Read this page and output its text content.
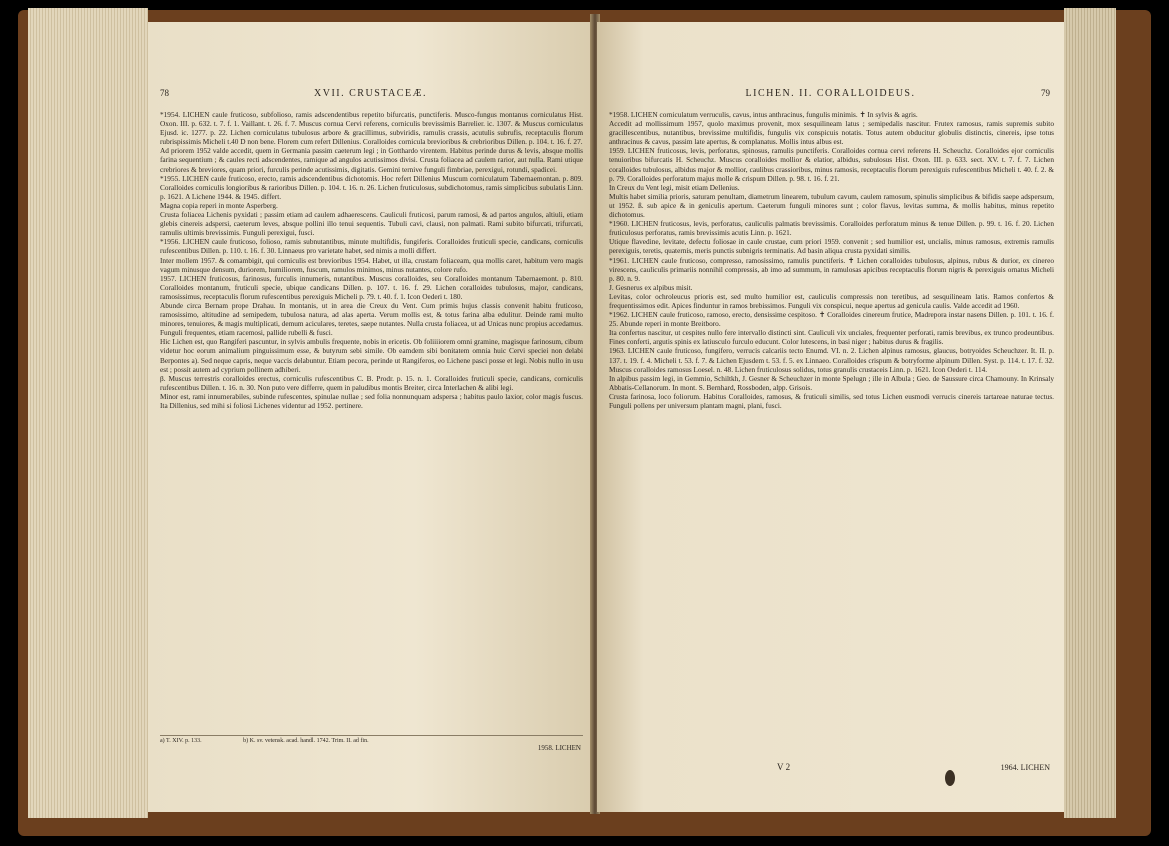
78	XVII. CRUSTACEÆ.

*1954. LICHEN caule fruticoso, subfolioso, ramis adscendentibus repetito bifurcatis, punctiferis. Musco-fungus montanus corniculatus Hist. Oxon. III. p. 632. t. 7. f. 1. Vaillant. t. 26. f. 7. Muscus cornua Cervi referens, corniculis brevissimis Barrelier. ic. 1307. & Muscus corniculatus Ejusd. ic. 1277. p. 22. Lichen corniculatus tubulosus arbore & gracillimus, subviridis, ramulis crassis, acutulis subrufis, receptaculis florum rubrispissimis Micheli t.40 D non bene. Florem cum refert Dillenius. Coralloides cornicula brevioribus & crebrioribus Dillen. p. 104. t. 16. f. 27.

Ad priorem 1952 valde accedit, quem in Germania passim caeterum legi ; in Gotthardo virentem. Habitus perinde durus & levis, absque mollis farina sequentium ; & caules recti adscendentes, ramique ad angulos acutissimos divisi. Crusta foliacea ad caulem rarior, aut nulla. Rami utique crebriores & breviores, quam priori, furculis perinde acutissimis, digitatis. Gemini ternive funguli fimbriae, perexigui, rotundi, spadicei.

*1955. LICHEN caule fruticoso, erecto, ramis adscendentibus dichotomis. Hoc refert Dillenius Muscum corniculatum Tabernaemontan. p. 809. Coralloides corniculis longioribus & rarioribus Dillen. p. 104. t. 16. n. 26. Lichen fruticulosus, subdichotomus, ramis simplicibus subulatis Linn. p. 1621. A Lichene 1944. & 1945. differt.

Magna copia reperi in monte Asperberg.

Crusta foliacea Lichenis pyxidati ; passim etiam ad caulem adhaerescens. Cauliculi fruticosi, parum ramosi, & ad partos angulos, altiuli, etiam glebis cinereis adspersi, caeterum leves, absque pollini illo tenui sequentis. Tubuli cavi, clausi, non palmati. Rami subito bifurcati, trifurcati, ramulis ultimis brevissimis. Funguli perexigui, fusci.

*1956. LICHEN caule fruticoso, folioso, ramis subnutantibus, minute multifidis, fungiferis. Coralloides fruticuli specie, candicans, corniculis rufescentibus Dillen. p. 110. t. 16. f. 30. Linnaeus pro varietate habet, sed nimis a molli differt.

Inter mollem 1957. & comambigit, qui corniculis est brevioribus 1954. Habet, ut illa, crustam foliaceam, qua mollis caret, habitum vero magis vagum minusque densum, duriorem, humiliorem, fuscum, ramulos minimos, minus nutantes, colore rufo.

1957. LICHEN fruticosus, farinosus, furculis innumeris, nutantibus. Muscus coralloides, seu Coralloides montanum Tabernaemont. p. 810. Coralloides montanum, fruticuli specie, ubique candicans Dillen. p. 107. t. 16. f. 29. Lichen coralloides tubulosus, major, candicans, ramosissimus, receptaculis florum rufescentibus perexiguis Micheli p. 79. t. 40. f. 1. Icon Oederi t. 180.

Abunde circa Bernam prope Drahau. In montanis, ut in area die Creux du Vent. Cum primis hujus classis convenit habitu fruticoso, ramosissimo, altitudine ad semipedem, tubulosa natura, ad alas aperta. Verum mollis est, & totus farina alba edulitur. Deinde rami multo minores, tenuiores, & magis multiplicati, demum aciculares, teretes, saepe nutantes. Nulla crusta foliacea, ut ad Unicas nunc propius accedamus. Funguli frequentes, etiam racemosi, pallide rubelli & fusci.

Hic Lichen est, quo Rangiferi pascuntur, in sylvis ambulis frequente, nobis in ericetis. Ob foliiiiorem omni gramine, magisque farinosum, cibum videtur hoc eorum animalium pinguissimum esse, & butyrum sebi simile. Ob eamdem sibi bonitatem omnia huic Cervi speciei non delabi Berpontes a). Sed neque capris, neque vaccis delabuntur. Etiam pecora, perinde ut Rangiferos, eo Lichene pasci posse et legi. Nobis nullo in usu est ; possit autem ad cyprium pollinem adhiberi.

β. Muscus terrestris coralloides erectus, corniculis rufescentibus C. B. Prodr. p. 15. n. 1. Coralloides fruticuli specie, candicans, corniculis rufescentibus Dillen. t. 16. n. 30. Non puto vere differre, quem in paludibus montis Breiter, circa Interlachen & alibi legi.

Minor est, rami innumerabiles, subinde rufescentes, spinulae nullae ; sed folia nonnunquam adspersa ; habitus paulo laxior, color magis fuscus. Ita Dillenius, sed mihi si foliosi Lichenes videntur ad 1952. pertinere.

1958. LICHEN
a) T. XIV. p. 133.	b) K. sv. vetensk. acad. handl. 1742. Trim. II. ad fin.
LICHEN. II. CORALLOIDEUS.	79

*1958. LICHEN corniculatum verruculis, cavus, intus anthracinus, fungulis minimis. ✝ In sylvis & agris.

Accedit ad mollissimum 1957, quolo maximus provenit, mox sesquilineam latus ; semipedalis nascitur. Frutex ramosus, ramis supremis subito gracillescentibus, nutantibus, brevissime multifidis, fungulis vix conspicuis notatis. Totus autem obducitur globulis distinctis, cinereis, ipse totus anthracinus & cavus, passim late apertus, & complanatus. Mollis intus albus est.

1959. LICHEN fruticosus, levis, perforatus, spinosus, ramulis punctiferis. Coralloides cornua cervi referens H. Scheuchz. Coralloides ejor corniculis tenuioribus bifurcatis H. Scheuchz. Muscus coralloides mollior & elatior, albidus, subulosus Hist. Oxon. III. p. 633. sect. XV. t. 7. f. 7. Lichen coralloides tubulosus, albidus major & mollior, caulibus crassioribus, minus ramosis, receptaculis florum perexiguis rufescentibus Micheli t. 40. f. 2. & p. 79. Coralloides perforatum majus molle & crispum Dillen. p. 98. t. 16. f. 21.

In Creux du Vent legi, misit etiam Dellenius.

Multis habet similia prioris, saturam penultam, diametrum linearem, tubulum cavum, caulem ramosum, spinulis simplicibus & bifidis saepe adspersum, ut 1952. ß. sub apice & in geniculis apertum. Caeterum funguli minores sunt ; color flavus, levitas summa, & mollis habitus, minus repetito dichotomus.

*1960. LICHEN fruticosus, levis, perforatus, cauliculis palmatis brevissimis. Coralloides perforatum minus & tenue Dillen. p. 99. t. 16. f. 20. Lichen fruticulosus perforatus, ramis brevissimis acutis Linn. p. 1621.

Utique flavedine, levitate, defectu foliosae in caule crustae, cum priori 1959. convenit ; sed humilior est, uncialis, minus ramosus, extremis ramulis perexiguis, teretis, quaternis, meris punctis subnigris terminatis. Ad basin aliqua crusta pyxidati similis.

*1961. LICHEN caule fruticoso, compresso, ramosissimo, ramulis punctiferis. ✝ Lichen coralloides tubulosus, alpinus, rubus & durior, ex cinereo virescens, cauliculis primariis nonnihil compressis, ab imo ad summum, in ramulosas apicibus receptaculis florum nigris & perexiguis ornatus Micheli p. 80. n. 9.

J. Gesnerus ex alpibus misit.

Levitas, color ochroleucus prioris est, sed multo humilior est, cauliculis compressis non teretibus, ad sesquilineam latis. Ramos confertos & frequentissimos edit. Apices finduntur in ramos brebissimos. Funguli vix conspicui, neque apertus ad genicula caulis. Valde accedit ad 1960.

*1962. LICHEN caule fruticoso, ramoso, erecto, densissime cespitoso. ✝ Coralloides cinereum frutice, Madrepora instar nasens Dillen. p. 101. t. 16. f. 25. Abunde reperi in monte Breitboro.

Ita confertus nascitur, ut cespites nullo fere intervallo distincti sint. Cauliculi vix unciales, frequenter perforati, ramis brevibus, ex trunco prodeuntibus. Fines conferti, argutis spinis ex latiusculo furculo educunt. Color lutescens, in basi niger ; habitus durus & fragilis.

1963. LICHEN caule fruticoso, fungifero, verrucis calcariis tecto Enumd. VI. n. 2. Lichen alpinus ramosus, glaucus, botryoides Scheuchzer. It. II. p. 137. t. 19. f. 4. Micheli t. 53. f. 7. & Lichen Ejusdem t. 53. f. 5. ex Linnaeo. Coralloides crispum & botryforme alpinum Dillen. Syst. p. 114. t. 17. f. 32. Muscus coralloides ramosus Loesel. n. 48. Lichen fruticulosus solidus, totus granulis crustaceis Linn. p. 1621. Icon Oederi t. 114.

In alpibus passim legi, in Gemmio, Schiltkh, J. Gesner & Scheuchzer in monte Spelugn ; ille in Albula ; Geo. de Saussure circa Chamouny. In Krinsaly Abbatis-Cellanorum. In mont. S. Bernhard, Rossboden, alpp. Grisois.

Crusta farinosa, loco foliorum. Habitus Coralloides, ramosus, & fruticuli similis, sed totus Lichen eusmodi verrucis cinereis tartareae naturae tectus. Funguli pollens per universum plantam magni, plani, fusci.

V 2	1964. LICHEN
